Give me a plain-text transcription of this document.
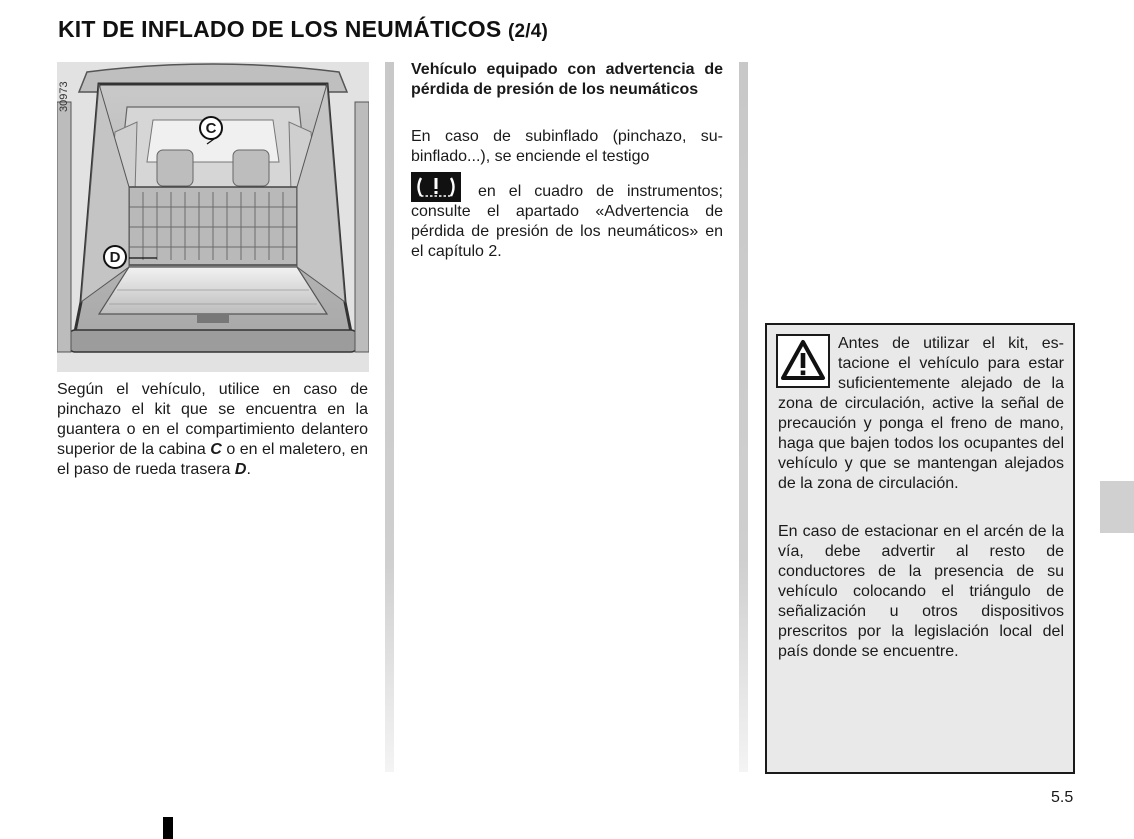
KIT DE INFLADO DE LOS NEUMÁTICOS (2/4)
C
D
30973

Según el vehículo, utilice en caso de pinchazo el kit que se encuentra en la guantera o en el compartimiento delantero superior de la cabina C o en el maletero, en el paso de rueda trasera D.

Vehículo equipado con advertencia de pérdida de presión de los neumáticos

En caso de subinflado (pinchazo, subinflado...), se enciende el testigo

en el cuadro de instrumentos; consulte el apartado «Advertencia de pérdida de presión de los neumáticos» en el capítulo 2.

Antes de utilizar el kit, estacione el vehículo para estar suficientemente alejado de la zona de circulación, active la señal de precaución y ponga el freno de mano, haga que bajen todos los ocupantes del vehículo y que se mantengan alejados de la zona de circulación.

En caso de estacionar en el arcén de la vía, debe advertir al resto de conductores de la presencia de su vehículo colocando el triángulo de señalización u otros dispositivos prescritos por la legislación local del país donde se encuentre.

5.5
